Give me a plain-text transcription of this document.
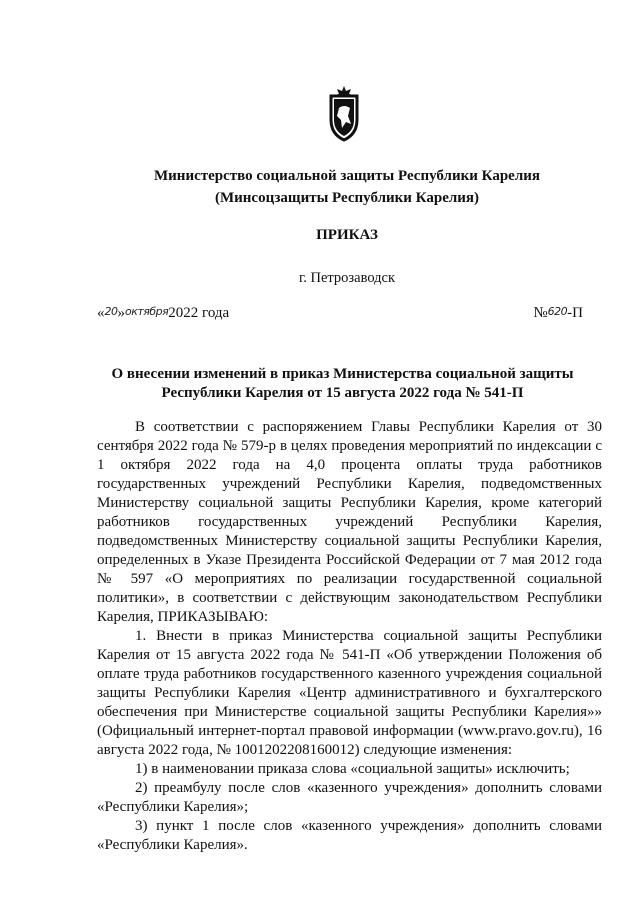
Министерство социальной защиты Республики Карелия
(Минсоцзащиты Республики Карелия)
ПРИКАЗ
г. Петрозаводск
«20»октября2022 года	№620-П
О внесении изменений в приказ Министерства социальной защиты
Республики Карелия от 15 августа 2022 года № 541-П

В соответствии с распоряжением Главы Республики Карелия от 30 сентября 2022 года № 579-р в целях проведения мероприятий по индексации с 1 октября 2022 года на 4,0 процента оплаты труда работников государственных учреждений Республики Карелия, подведомственных Министерству социальной защиты Республики Карелия, кроме категорий работников государственных учреждений Республики Карелия, подведомственных Министерству социальной защиты Республики Карелия, определенных в Указе Президента Российской Федерации от 7 мая 2012 года № 597 «О мероприятиях по реализации государственной социальной политики», в соответствии с действующим законодательством Республики Карелия, ПРИКАЗЫВАЮ:

1. Внести в приказ Министерства социальной защиты Республики Карелия от 15 августа 2022 года № 541-П «Об утверждении Положения об оплате труда работников государственного казенного учреждения социальной защиты Республики Карелия «Центр административного и бухгалтерского обеспечения при Министерстве социальной защиты Республики Карелия»» (Официальный интернет-портал правовой информации (www.pravo.gov.ru), 16 августа 2022 года, № 1001202208160012) следующие изменения:

1) в наименовании приказа слова «социальной защиты» исключить;

2) преамбулу после слов «казенного учреждения» дополнить словами «Республики Карелия»;

3) пункт 1 после слов «казенного учреждения» дополнить словами «Республики Карелия».
